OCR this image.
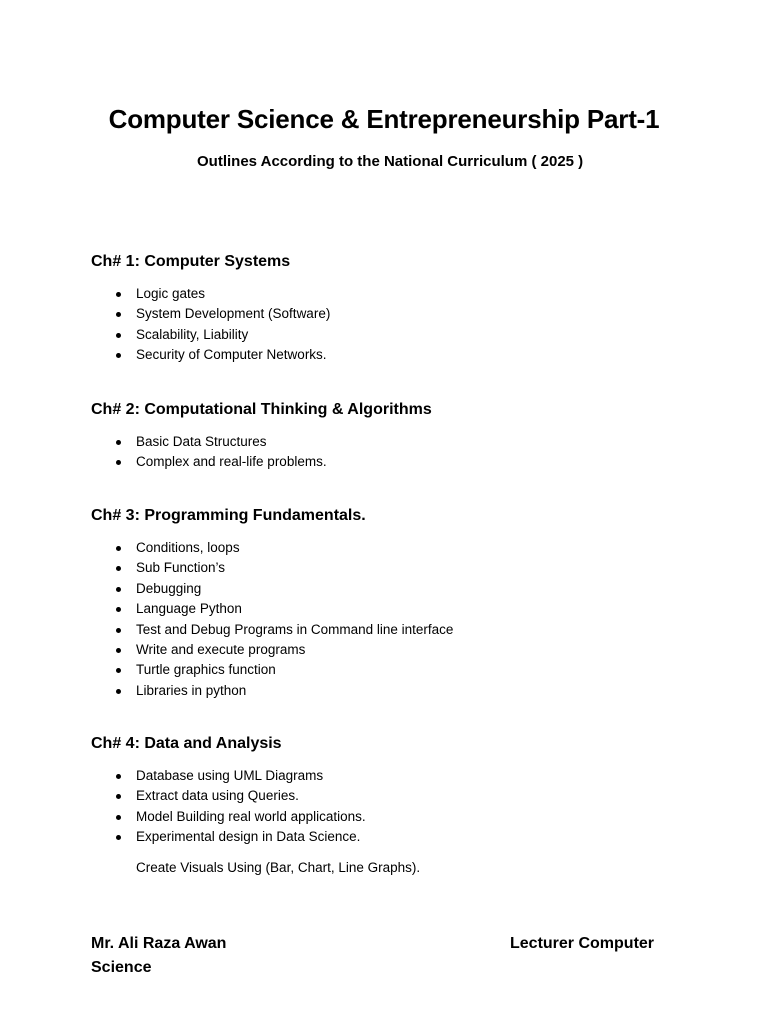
Computer Science & Entrepreneurship Part-1

Outlines According to the National Curriculum ( 2025 )

Ch# 1: Computer Systems
Logic gates
System Development (Software)
Scalability, Liability
Security of Computer Networks.
Ch# 2: Computational Thinking & Algorithms
Basic Data Structures
Complex and real-life problems.
Ch# 3: Programming Fundamentals.
Conditions, loops
Sub Function’s
Debugging
Language Python
Test and Debug Programs in Command line interface
Write and execute programs
Turtle graphics function
Libraries in python
Ch# 4: Data and Analysis
Database using UML Diagrams
Extract data using Queries.
Model Building real world applications.
Experimental design in Data Science.

Create Visuals Using (Bar, Chart, Line Graphs).

Mr. Ali Raza Awan	Lecturer Computer

Science
